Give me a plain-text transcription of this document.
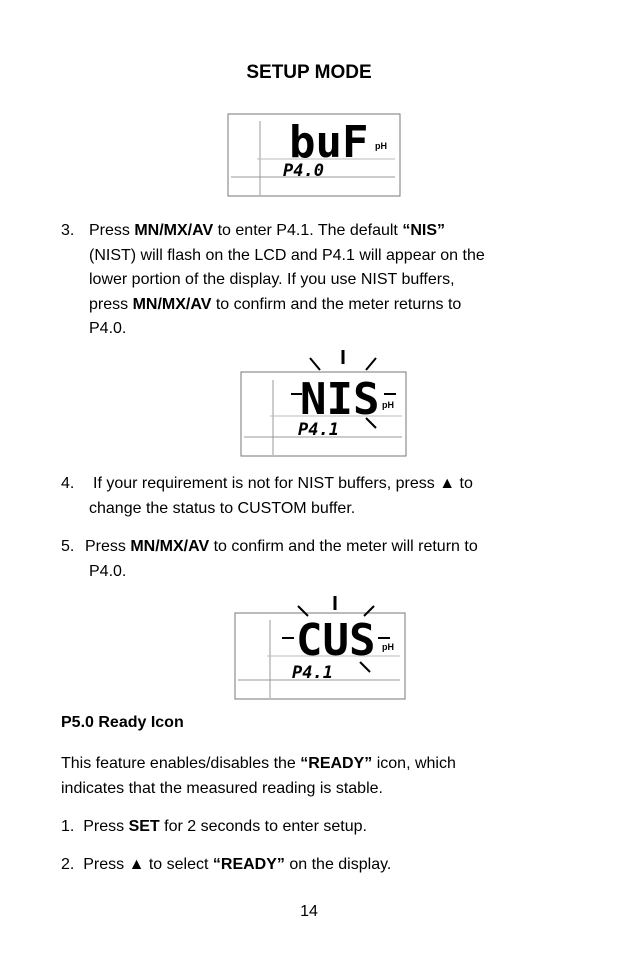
SETUP MODE
buF pH
P4.0
3. Press MN/MX/AV to enter P4.1. The default “NIS”
(NIST) will flash on the LCD and P4.1 will appear on the
lower portion of the display. If you use NIST buffers,
press MN/MX/AV to confirm and the meter returns to
P4.0.
NIS pH
P4.1
4. If your requirement is not for NIST buffers, press ▲ to
change the status to CUSTOM buffer.
5. Press MN/MX/AV to confirm and the meter will return to
P4.0.
CUS pH
P4.1
P5.0 Ready Icon
This feature enables/disables the “READY” icon, which
indicates that the measured reading is stable.
1. Press SET for 2 seconds to enter setup.
2. Press ▲ to select “READY” on the display.
14
